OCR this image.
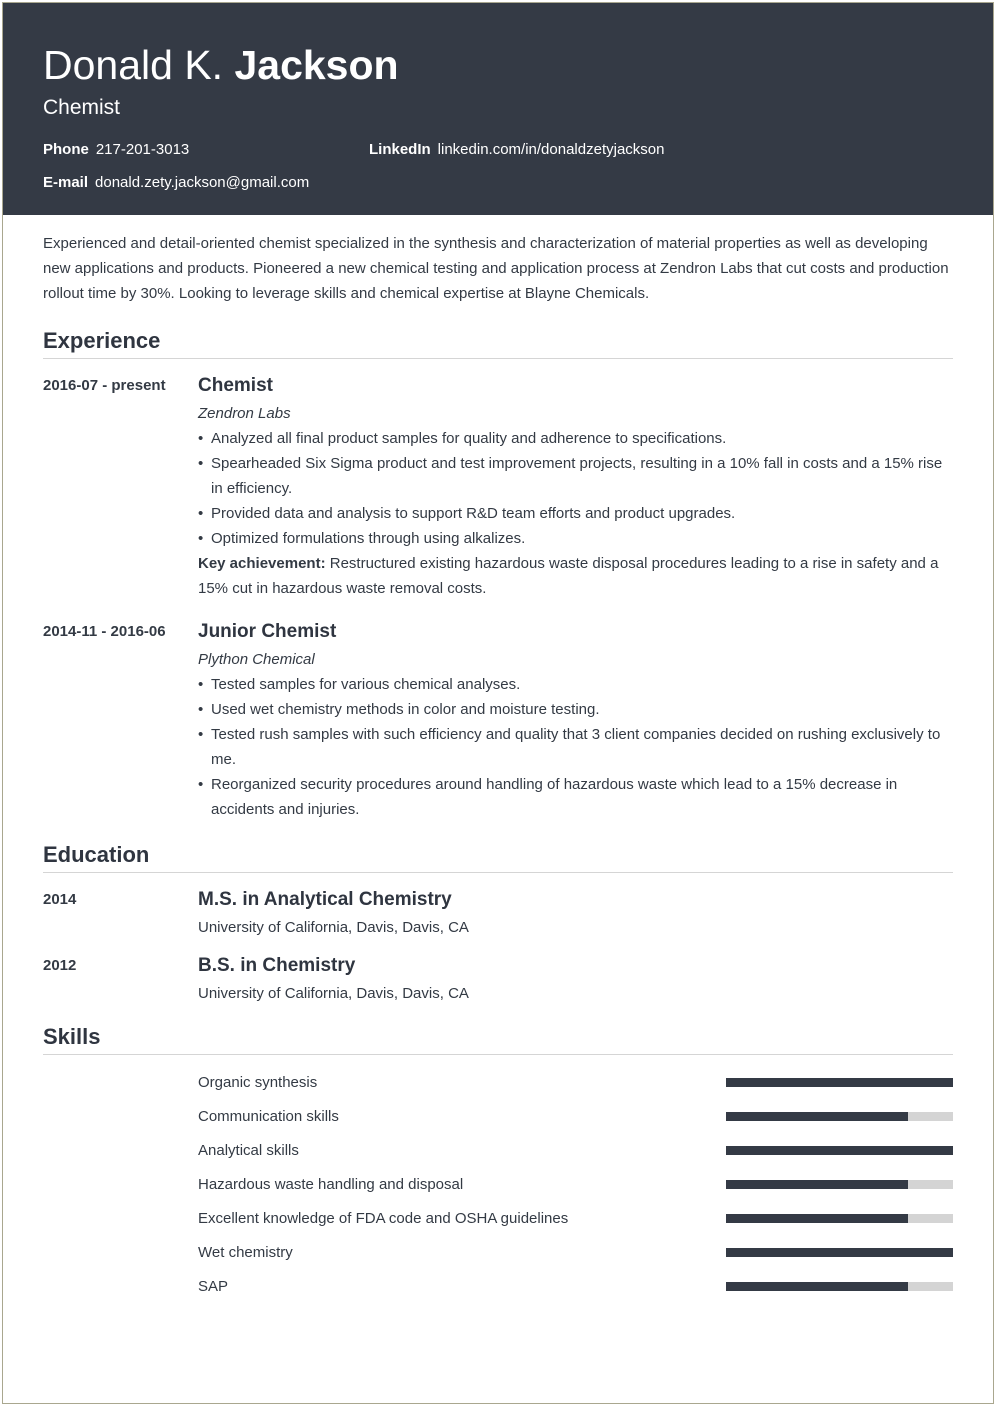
Donald K. Jackson
Chemist
Phone 217-201-3013	LinkedIn linkedin.com/in/donaldzetyjackson
E-mail donald.zety.jackson@gmail.com

Experienced and detail-oriented chemist specialized in the synthesis and characterization of material properties as well as developing new applications and products. Pioneered a new chemical testing and application process at Zendron Labs that cut costs and production rollout time by 30%. Looking to leverage skills and chemical expertise at Blayne Chemicals.

Experience
2016-07 - present	Chemist
Zendron Labs
• Analyzed all final product samples for quality and adherence to specifications.
• Spearheaded Six Sigma product and test improvement projects, resulting in a 10% fall in costs and a 15% rise in efficiency.
• Provided data and analysis to support R&D team efforts and product upgrades.
• Optimized formulations through using alkalizes.
Key achievement: Restructured existing hazardous waste disposal procedures leading to a rise in safety and a 15% cut in hazardous waste removal costs.
2014-11 - 2016-06	Junior Chemist
Plython Chemical
• Tested samples for various chemical analyses.
• Used wet chemistry methods in color and moisture testing.
• Tested rush samples with such efficiency and quality that 3 client companies decided on rushing exclusively to me.
• Reorganized security procedures around handling of hazardous waste which lead to a 15% decrease in accidents and injuries.
Education
2014	M.S. in Analytical Chemistry
University of California, Davis, Davis, CA
2012	B.S. in Chemistry
University of California, Davis, Davis, CA
Skills
Organic synthesis
Communication skills
Analytical skills
Hazardous waste handling and disposal
Excellent knowledge of FDA code and OSHA guidelines
Wet chemistry
SAP
